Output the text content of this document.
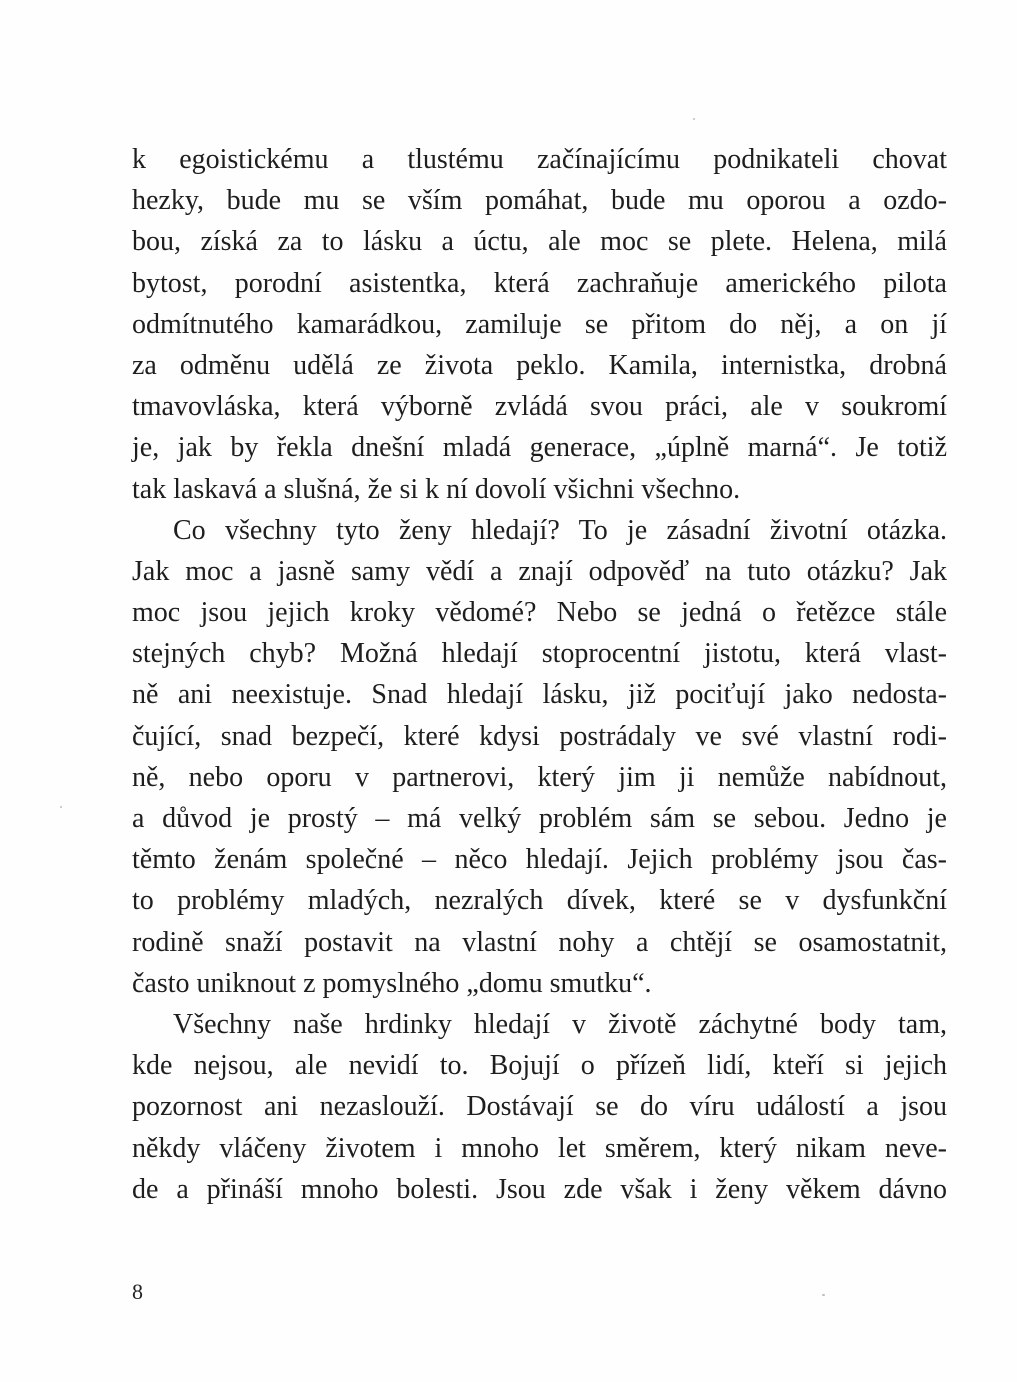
k egoistickému a tlustému začínajícímu podnikateli chovat
hezky, bude mu se vším pomáhat, bude mu oporou a ozdo-
bou, získá za to lásku a úctu, ale moc se plete. Helena, milá
bytost, porodní asistentka, která zachraňuje amerického pilota
odmítnutého kamarádkou, zamiluje se přitom do něj, a on jí
za odměnu udělá ze života peklo. Kamila, internistka, drobná
tmavovláska, která výborně zvládá svou práci, ale v soukromí
je, jak by řekla dnešní mladá generace, „úplně marná“. Je totiž
tak laskavá a slušná, že si k ní dovolí všichni všechno.
Co všechny tyto ženy hledají? To je zásadní životní otázka.
Jak moc a jasně samy vědí a znají odpověď na tuto otázku? Jak
moc jsou jejich kroky vědomé? Nebo se jedná o řetězce stále
stejných chyb? Možná hledají stoprocentní jistotu, která vlast-
ně ani neexistuje. Snad hledají lásku, již pociťují jako nedosta-
čující, snad bezpečí, které kdysi postrádaly ve své vlastní rodi-
ně, nebo oporu v partnerovi, který jim ji nemůže nabídnout,
a důvod je prostý – má velký problém sám se sebou. Jedno je
těmto ženám společné – něco hledají. Jejich problémy jsou čas-
to problémy mladých, nezralých dívek, které se v dysfunkční
rodině snaží postavit na vlastní nohy a chtějí se osamostatnit,
často uniknout z pomyslného „domu smutku“.
Všechny naše hrdinky hledají v životě záchytné body tam,
kde nejsou, ale nevidí to. Bojují o přízeň lidí, kteří si jejich
pozornost ani nezaslouží. Dostávají se do víru událostí a jsou
někdy vláčeny životem i mnoho let směrem, který nikam neve-
de a přináší mnoho bolesti. Jsou zde však i ženy věkem dávno
8
